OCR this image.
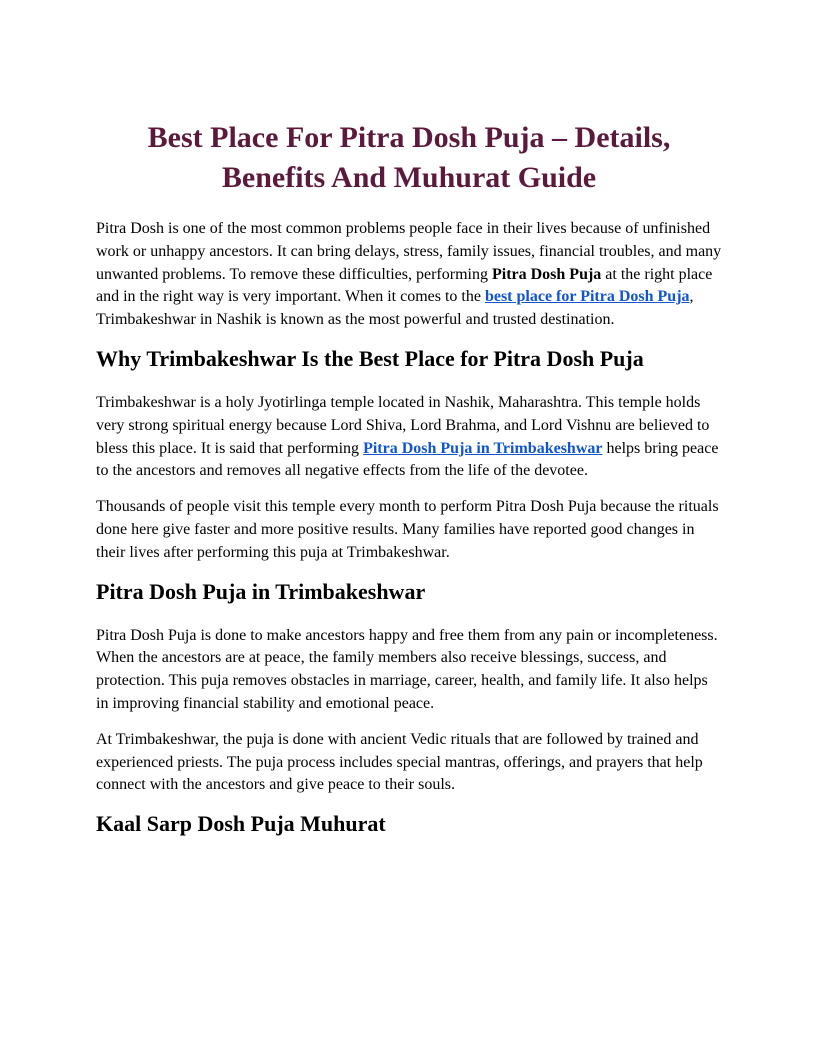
Best Place For Pitra Dosh Puja – Details, Benefits And Muhurat Guide

Pitra Dosh is one of the most common problems people face in their lives because of unfinished work or unhappy ancestors. It can bring delays, stress, family issues, financial troubles, and many unwanted problems. To remove these difficulties, performing Pitra Dosh Puja at the right place and in the right way is very important. When it comes to the best place for Pitra Dosh Puja, Trimbakeshwar in Nashik is known as the most powerful and trusted destination.

Why Trimbakeshwar Is the Best Place for Pitra Dosh Puja

Trimbakeshwar is a holy Jyotirlinga temple located in Nashik, Maharashtra. This temple holds very strong spiritual energy because Lord Shiva, Lord Brahma, and Lord Vishnu are believed to bless this place. It is said that performing Pitra Dosh Puja in Trimbakeshwar helps bring peace to the ancestors and removes all negative effects from the life of the devotee.

Thousands of people visit this temple every month to perform Pitra Dosh Puja because the rituals done here give faster and more positive results. Many families have reported good changes in their lives after performing this puja at Trimbakeshwar.

Pitra Dosh Puja in Trimbakeshwar

Pitra Dosh Puja is done to make ancestors happy and free them from any pain or incompleteness. When the ancestors are at peace, the family members also receive blessings, success, and protection. This puja removes obstacles in marriage, career, health, and family life. It also helps in improving financial stability and emotional peace.

At Trimbakeshwar, the puja is done with ancient Vedic rituals that are followed by trained and experienced priests. The puja process includes special mantras, offerings, and prayers that help connect with the ancestors and give peace to their souls.

Kaal Sarp Dosh Puja Muhurat
